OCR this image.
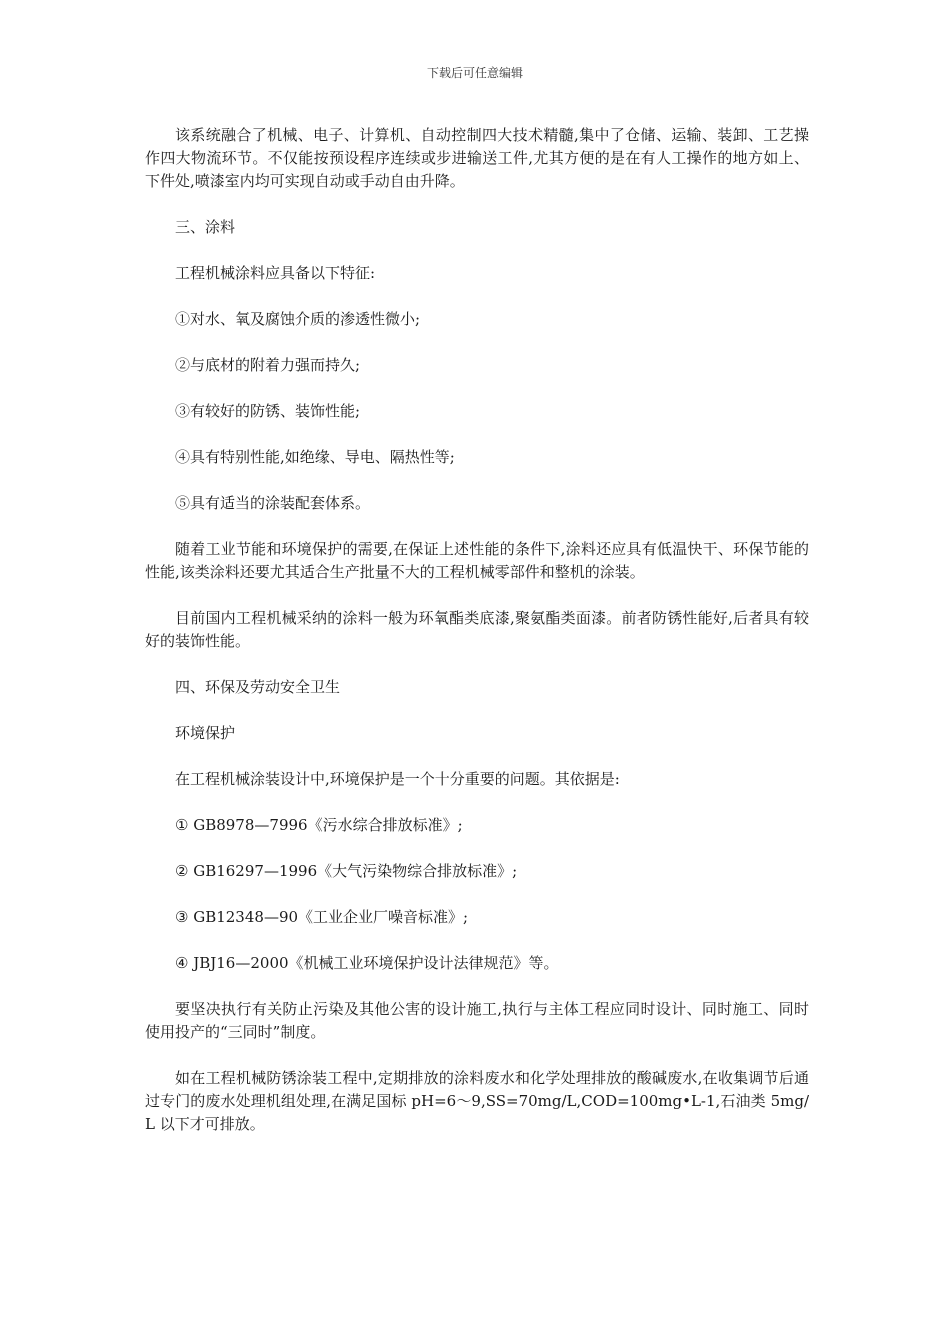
下载后可任意编辑

该系统融合了机械、电子、计算机、自动控制四大技术精髓,集中了仓储、运输、装卸、工艺操作四大物流环节。不仅能按预设程序连续或步进输送工件,尤其方便的是在有人工操作的地方如上、下件处,喷漆室内均可实现自动或手动自由升降。

三、涂料

工程机械涂料应具备以下特征:

①对水、氧及腐蚀介质的渗透性微小;

②与底材的附着力强而持久;

③有较好的防锈、装饰性能;

④具有特别性能,如绝缘、导电、隔热性等;

⑤具有适当的涂装配套体系。

随着工业节能和环境保护的需要,在保证上述性能的条件下,涂料还应具有低温快干、环保节能的性能,该类涂料还要尤其适合生产批量不大的工程机械零部件和整机的涂装。

目前国内工程机械采纳的涂料一般为环氧酯类底漆,聚氨酯类面漆。前者防锈性能好,后者具有较好的装饰性能。

四、环保及劳动安全卫生

环境保护

在工程机械涂装设计中,环境保护是一个十分重要的问题。其依据是:

① GB8978—7996《污水综合排放标准》;

② GB16297—1996《大气污染物综合排放标准》;

③ GB12348—90《工业企业厂噪音标准》;

④ JBJ16—2000《机械工业环境保护设计法律规范》等。

要坚决执行有关防止污染及其他公害的设计施工,执行与主体工程应同时设计、同时施工、同时使用投产的“三同时”制度。

如在工程机械防锈涂装工程中,定期排放的涂料废水和化学处理排放的酸碱废水,在收集调节后通过专门的废水处理机组处理,在满足国标 pH=6～9,SS=70mg/L,COD=100mg•L-1,石油类 5mg/L 以下才可排放。
